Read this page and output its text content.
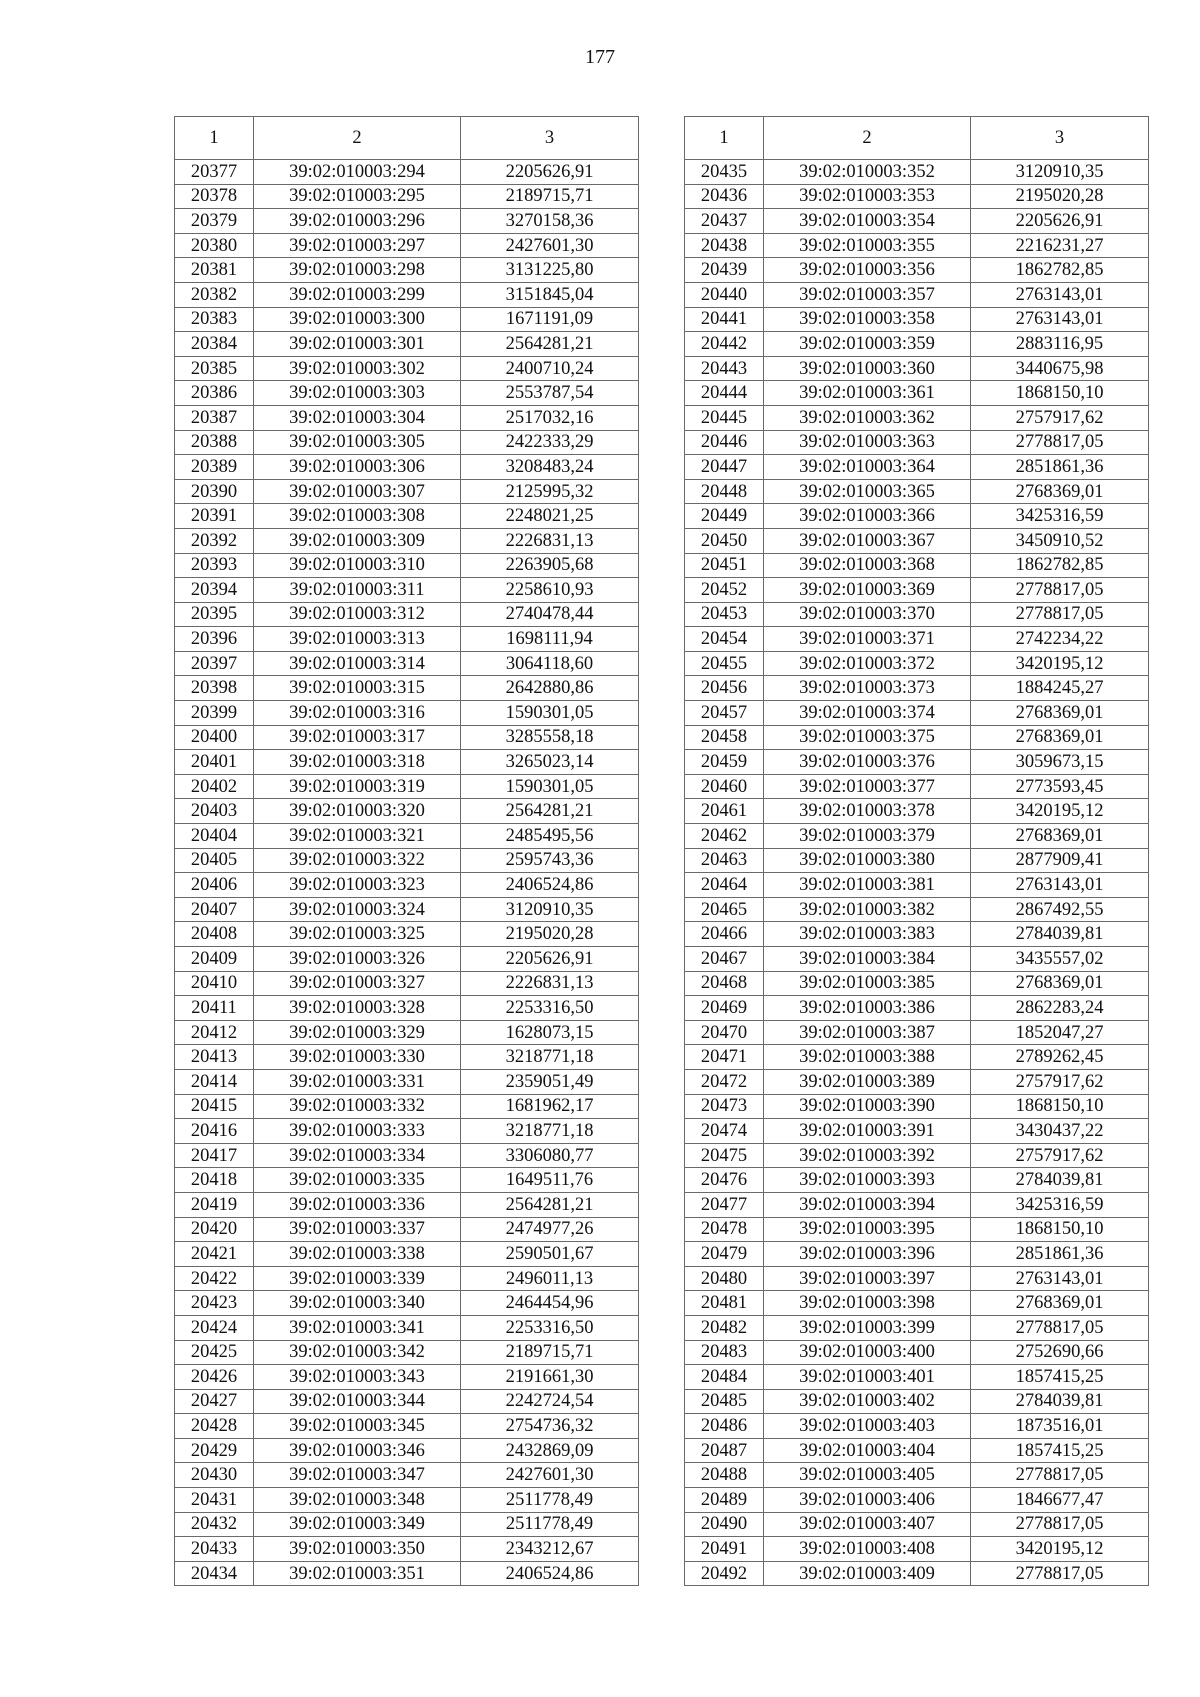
177
1	2	3
20377	39:02:010003:294	2205626,91
20378	39:02:010003:295	2189715,71
20379	39:02:010003:296	3270158,36
20380	39:02:010003:297	2427601,30
20381	39:02:010003:298	3131225,80
20382	39:02:010003:299	3151845,04
20383	39:02:010003:300	1671191,09
20384	39:02:010003:301	2564281,21
20385	39:02:010003:302	2400710,24
20386	39:02:010003:303	2553787,54
20387	39:02:010003:304	2517032,16
20388	39:02:010003:305	2422333,29
20389	39:02:010003:306	3208483,24
20390	39:02:010003:307	2125995,32
20391	39:02:010003:308	2248021,25
20392	39:02:010003:309	2226831,13
20393	39:02:010003:310	2263905,68
20394	39:02:010003:311	2258610,93
20395	39:02:010003:312	2740478,44
20396	39:02:010003:313	1698111,94
20397	39:02:010003:314	3064118,60
20398	39:02:010003:315	2642880,86
20399	39:02:010003:316	1590301,05
20400	39:02:010003:317	3285558,18
20401	39:02:010003:318	3265023,14
20402	39:02:010003:319	1590301,05
20403	39:02:010003:320	2564281,21
20404	39:02:010003:321	2485495,56
20405	39:02:010003:322	2595743,36
20406	39:02:010003:323	2406524,86
20407	39:02:010003:324	3120910,35
20408	39:02:010003:325	2195020,28
20409	39:02:010003:326	2205626,91
20410	39:02:010003:327	2226831,13
20411	39:02:010003:328	2253316,50
20412	39:02:010003:329	1628073,15
20413	39:02:010003:330	3218771,18
20414	39:02:010003:331	2359051,49
20415	39:02:010003:332	1681962,17
20416	39:02:010003:333	3218771,18
20417	39:02:010003:334	3306080,77
20418	39:02:010003:335	1649511,76
20419	39:02:010003:336	2564281,21
20420	39:02:010003:337	2474977,26
20421	39:02:010003:338	2590501,67
20422	39:02:010003:339	2496011,13
20423	39:02:010003:340	2464454,96
20424	39:02:010003:341	2253316,50
20425	39:02:010003:342	2189715,71
20426	39:02:010003:343	2191661,30
20427	39:02:010003:344	2242724,54
20428	39:02:010003:345	2754736,32
20429	39:02:010003:346	2432869,09
20430	39:02:010003:347	2427601,30
20431	39:02:010003:348	2511778,49
20432	39:02:010003:349	2511778,49
20433	39:02:010003:350	2343212,67
20434	39:02:010003:351	2406524,86
1	2	3
20435	39:02:010003:352	3120910,35
20436	39:02:010003:353	2195020,28
20437	39:02:010003:354	2205626,91
20438	39:02:010003:355	2216231,27
20439	39:02:010003:356	1862782,85
20440	39:02:010003:357	2763143,01
20441	39:02:010003:358	2763143,01
20442	39:02:010003:359	2883116,95
20443	39:02:010003:360	3440675,98
20444	39:02:010003:361	1868150,10
20445	39:02:010003:362	2757917,62
20446	39:02:010003:363	2778817,05
20447	39:02:010003:364	2851861,36
20448	39:02:010003:365	2768369,01
20449	39:02:010003:366	3425316,59
20450	39:02:010003:367	3450910,52
20451	39:02:010003:368	1862782,85
20452	39:02:010003:369	2778817,05
20453	39:02:010003:370	2778817,05
20454	39:02:010003:371	2742234,22
20455	39:02:010003:372	3420195,12
20456	39:02:010003:373	1884245,27
20457	39:02:010003:374	2768369,01
20458	39:02:010003:375	2768369,01
20459	39:02:010003:376	3059673,15
20460	39:02:010003:377	2773593,45
20461	39:02:010003:378	3420195,12
20462	39:02:010003:379	2768369,01
20463	39:02:010003:380	2877909,41
20464	39:02:010003:381	2763143,01
20465	39:02:010003:382	2867492,55
20466	39:02:010003:383	2784039,81
20467	39:02:010003:384	3435557,02
20468	39:02:010003:385	2768369,01
20469	39:02:010003:386	2862283,24
20470	39:02:010003:387	1852047,27
20471	39:02:010003:388	2789262,45
20472	39:02:010003:389	2757917,62
20473	39:02:010003:390	1868150,10
20474	39:02:010003:391	3430437,22
20475	39:02:010003:392	2757917,62
20476	39:02:010003:393	2784039,81
20477	39:02:010003:394	3425316,59
20478	39:02:010003:395	1868150,10
20479	39:02:010003:396	2851861,36
20480	39:02:010003:397	2763143,01
20481	39:02:010003:398	2768369,01
20482	39:02:010003:399	2778817,05
20483	39:02:010003:400	2752690,66
20484	39:02:010003:401	1857415,25
20485	39:02:010003:402	2784039,81
20486	39:02:010003:403	1873516,01
20487	39:02:010003:404	1857415,25
20488	39:02:010003:405	2778817,05
20489	39:02:010003:406	1846677,47
20490	39:02:010003:407	2778817,05
20491	39:02:010003:408	3420195,12
20492	39:02:010003:409	2778817,05
